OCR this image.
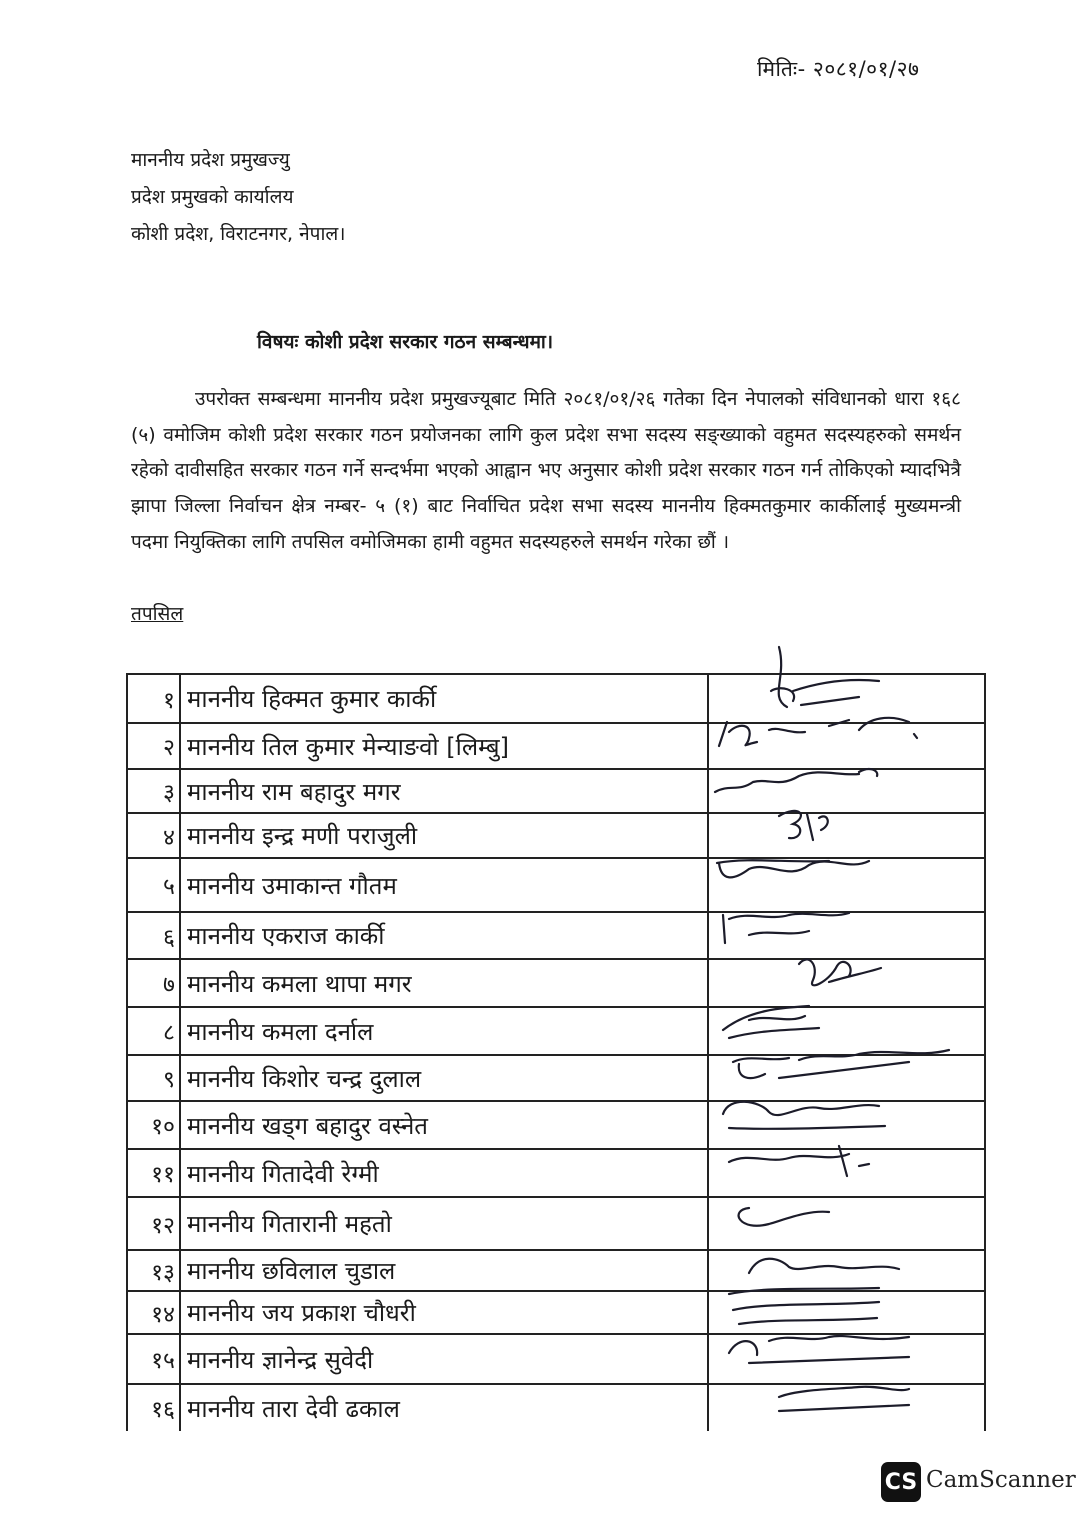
मितिः- २०८१/०१/२७
माननीय प्रदेश प्रमुखज्यु
प्रदेश प्रमुखको कार्यालय
कोशी प्रदेश, विराटनगर, नेपाल।
विषयः कोशी प्रदेश सरकार गठन सम्बन्धमा।
उपरोक्त सम्बन्धमा माननीय प्रदेश प्रमुखज्यूबाट मिति २०८१/०१/२६ गतेका दिन नेपालको संविधानको धारा १६८ (५) वमोजिम कोशी प्रदेश सरकार गठन प्रयोजनका लागि कुल प्रदेश सभा सदस्य सङ्ख्याको वहुमत सदस्यहरुको समर्थन रहेको दावीसहित सरकार गठन गर्ने सन्दर्भमा भएको आह्वान भए अनुसार कोशी प्रदेश सरकार गठन गर्न तोकिएको म्यादभित्रै झापा जिल्ला निर्वाचन क्षेत्र नम्बर- ५ (१) बाट निर्वाचित प्रदेश सभा सदस्य माननीय हिक्मतकुमार कार्कीलाई मुख्यमन्त्री पदमा नियुक्तिका लागि तपसिल वमोजिमका हामी वहुमत सदस्यहरुले समर्थन गरेका छौं ।
तपसिल
१ माननीय हिक्मत कुमार कार्की
२ माननीय तिल कुमार मेन्याङवो [लिम्बु]
३ माननीय राम बहादुर मगर
४ माननीय इन्द्र मणी पराजुली
५ माननीय उमाकान्त गौतम
६ माननीय एकराज कार्की
७ माननीय कमला थापा मगर
८ माननीय कमला दर्नाल
९ माननीय किशोर चन्द्र दुलाल
१० माननीय खड्ग बहादुर वस्नेत
११ माननीय गितादेवी रेग्मी
१२ माननीय गितारानी महतो
१३ माननीय छविलाल चुडाल
१४ माननीय जय प्रकाश चौधरी
१५ माननीय ज्ञानेन्द्र सुवेदी
१६ माननीय तारा देवी ढकाल
CS CamScanner
